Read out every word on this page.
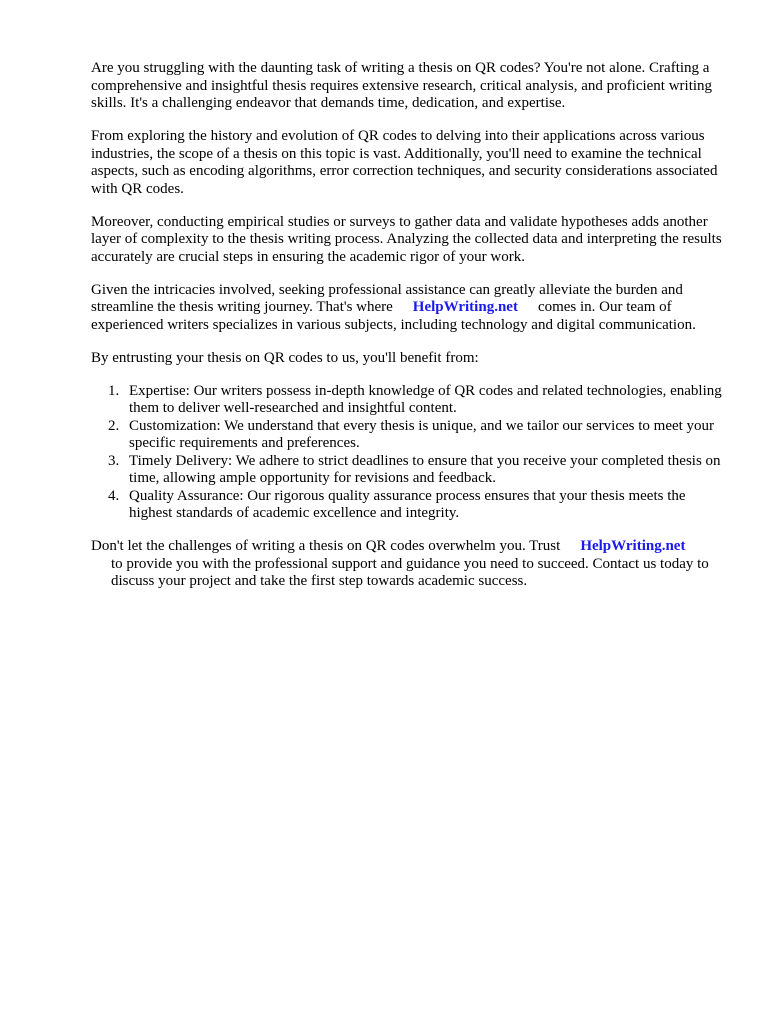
Are you struggling with the daunting task of writing a thesis on QR codes? You're not alone. Crafting a comprehensive and insightful thesis requires extensive research, critical analysis, and proficient writing skills. It's a challenging endeavor that demands time, dedication, and expertise.

From exploring the history and evolution of QR codes to delving into their applications across various industries, the scope of a thesis on this topic is vast. Additionally, you'll need to examine the technical aspects, such as encoding algorithms, error correction techniques, and security considerations associated with QR codes.

Moreover, conducting empirical studies or surveys to gather data and validate hypotheses adds another layer of complexity to the thesis writing process. Analyzing the collected data and interpreting the results accurately are crucial steps in ensuring the academic rigor of your work.

Given the intricacies involved, seeking professional assistance can greatly alleviate the burden and streamline the thesis writing journey. That's where HelpWriting.net comes in. Our team of experienced writers specializes in various subjects, including technology and digital communication.

By entrusting your thesis on QR codes to us, you'll benefit from:

1. Expertise: Our writers possess in-depth knowledge of QR codes and related technologies, enabling them to deliver well-researched and insightful content.
2. Customization: We understand that every thesis is unique, and we tailor our services to meet your specific requirements and preferences.
3. Timely Delivery: We adhere to strict deadlines to ensure that you receive your completed thesis on time, allowing ample opportunity for revisions and feedback.
4. Quality Assurance: Our rigorous quality assurance process ensures that your thesis meets the highest standards of academic excellence and integrity.

Don't let the challenges of writing a thesis on QR codes overwhelm you. Trust HelpWriting.net
to provide you with the professional support and guidance you need to succeed. Contact us today to discuss your project and take the first step towards academic success.
